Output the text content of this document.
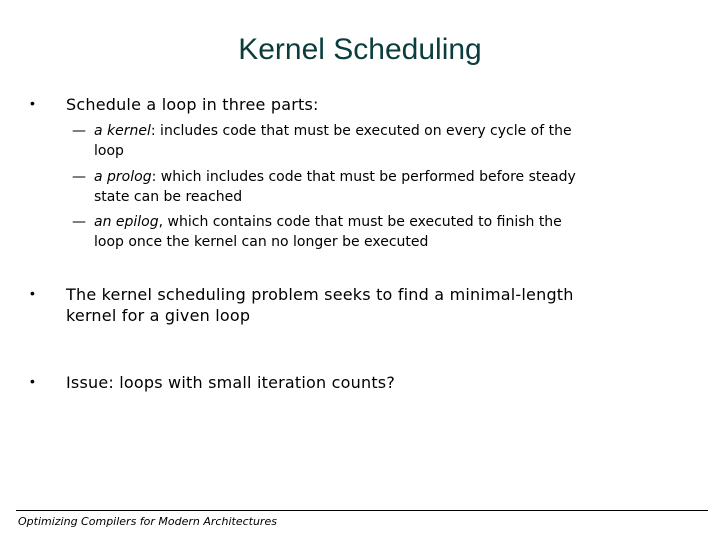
Kernel Scheduling
• Schedule a loop in three parts:
— a kernel: includes code that must be executed on every cycle of the
loop
— a prolog: which includes code that must be performed before steady
state can be reached
— an epilog, which contains code that must be executed to finish the
loop once the kernel can no longer be executed
• The kernel scheduling problem seeks to find a minimal-length
kernel for a given loop
• Issue: loops with small iteration counts?
Optimizing Compilers for Modern Architectures
